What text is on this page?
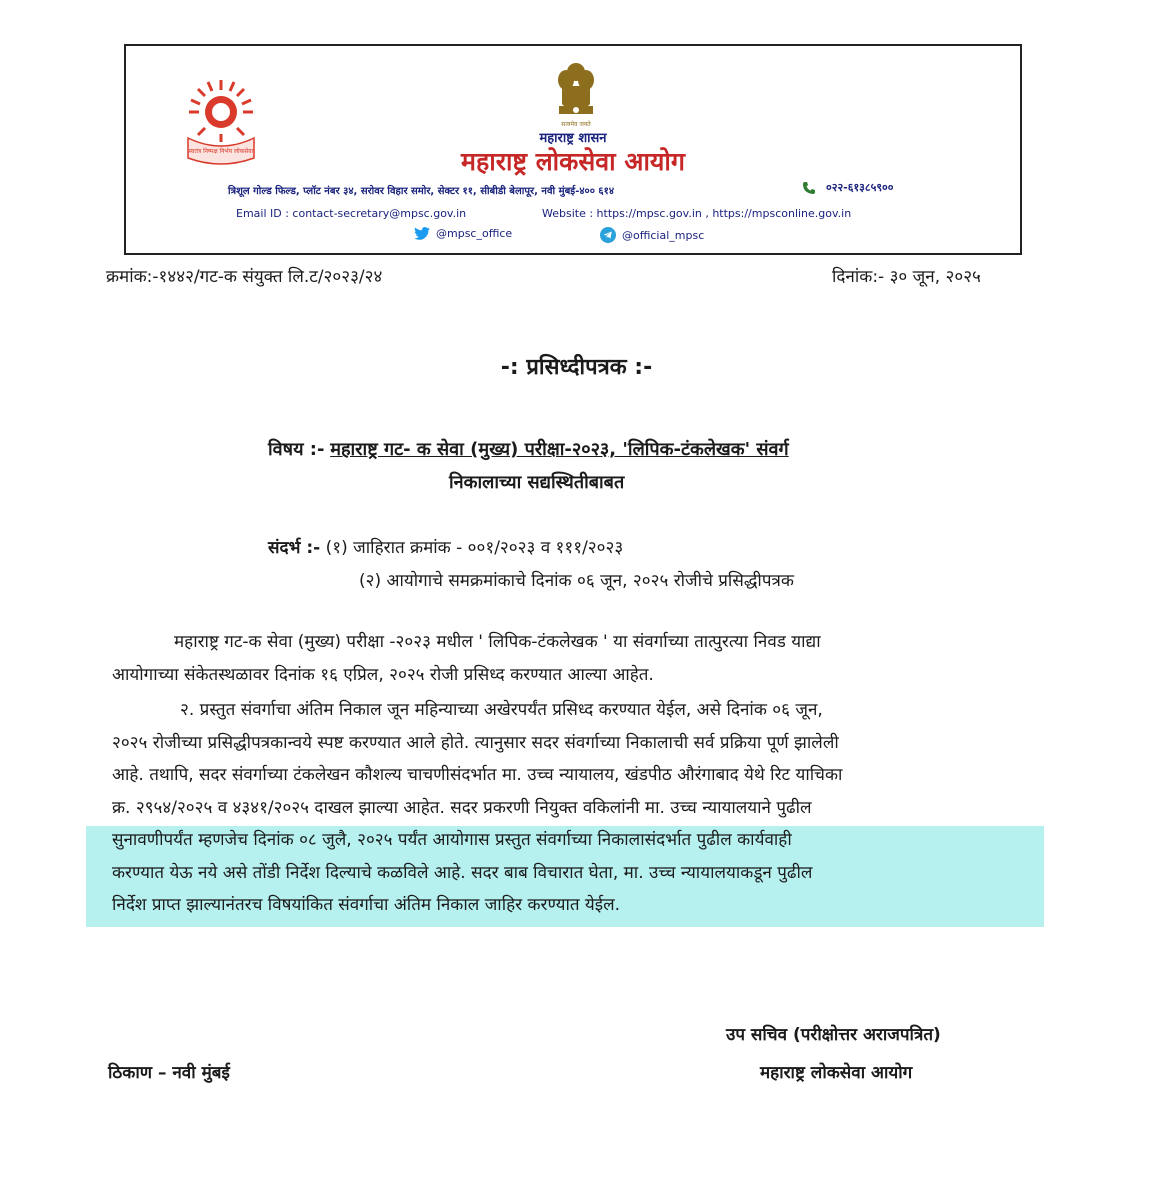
स्वतंत्र निष्पक्ष निर्भय लोकसेवा
सत्यमेव जयते
महाराष्ट्र शासन
महाराष्ट्र लोकसेवा आयोग
त्रिशूल गोल्ड फिल्ड, प्लॉट नंबर ३४, सरोवर विहार समोर, सेक्टर ११, सीबीडी बेलापूर, नवी मुंबई-४०० ६१४	०२२-६१३८५९००
Email ID : contact-secretary@mpsc.gov.in	Website : https://mpsc.gov.in , https://mpsconline.gov.in
@mpsc_office	@official_mpsc
क्रमांक:-१४४२/गट-क संयुक्त लि.ट/२०२३/२४	दिनांक:- ३० जून, २०२५
-: प्रसिध्दीपत्रक :-
विषय :- महाराष्ट्र गट- क सेवा (मुख्य) परीक्षा-२०२३, 'लिपिक-टंकलेखक' संवर्ग
निकालाच्या सद्यस्थितीबाबत
संदर्भ :- (१) जाहिरात क्रमांक - ००१/२०२३ व १११/२०२३
(२) आयोगाचे समक्रमांकाचे दिनांक ०६ जून, २०२५ रोजीचे प्रसिद्धीपत्रक
महाराष्ट्र गट-क सेवा (मुख्य) परीक्षा -२०२३ मधील ' लिपिक-टंकलेखक ' या संवर्गाच्या तात्पुरत्या निवड याद्या
आयोगाच्या संकेतस्थळावर दिनांक १६ एप्रिल, २०२५ रोजी प्रसिध्द करण्यात आल्या आहेत.
२. प्रस्तुत संवर्गाचा अंतिम निकाल जून महिन्याच्या अखेरपर्यंत प्रसिध्द करण्यात येईल, असे दिनांक ०६ जून,
२०२५ रोजीच्या प्रसिद्धीपत्रकान्वये स्पष्ट करण्यात आले होते. त्यानुसार सदर संवर्गाच्या निकालाची सर्व प्रक्रिया पूर्ण झालेली
आहे. तथापि, सदर संवर्गाच्या टंकलेखन कौशल्य चाचणीसंदर्भात मा. उच्च न्यायालय, खंडपीठ औरंगाबाद येथे रिट याचिका
क्र. २९५४/२०२५ व ४३४१/२०२५ दाखल झाल्या आहेत. सदर प्रकरणी नियुक्त वकिलांनी मा. उच्च न्यायालयाने पुढील
सुनावणीपर्यंत म्हणजेच दिनांक ०८ जुलै, २०२५ पर्यंत आयोगास प्रस्तुत संवर्गाच्या निकालासंदर्भात पुढील कार्यवाही
करण्यात येऊ नये असे तोंडी निर्देश दिल्याचे कळविले आहे. सदर बाब विचारात घेता, मा. उच्च न्यायालयाकडून पुढील
निर्देश प्राप्त झाल्यानंतरच विषयांकित संवर्गाचा अंतिम निकाल जाहिर करण्यात येईल.
उप सचिव (परीक्षोत्तर अराजपत्रित)
महाराष्ट्र लोकसेवा आयोग
ठिकाण – नवी मुंबई
